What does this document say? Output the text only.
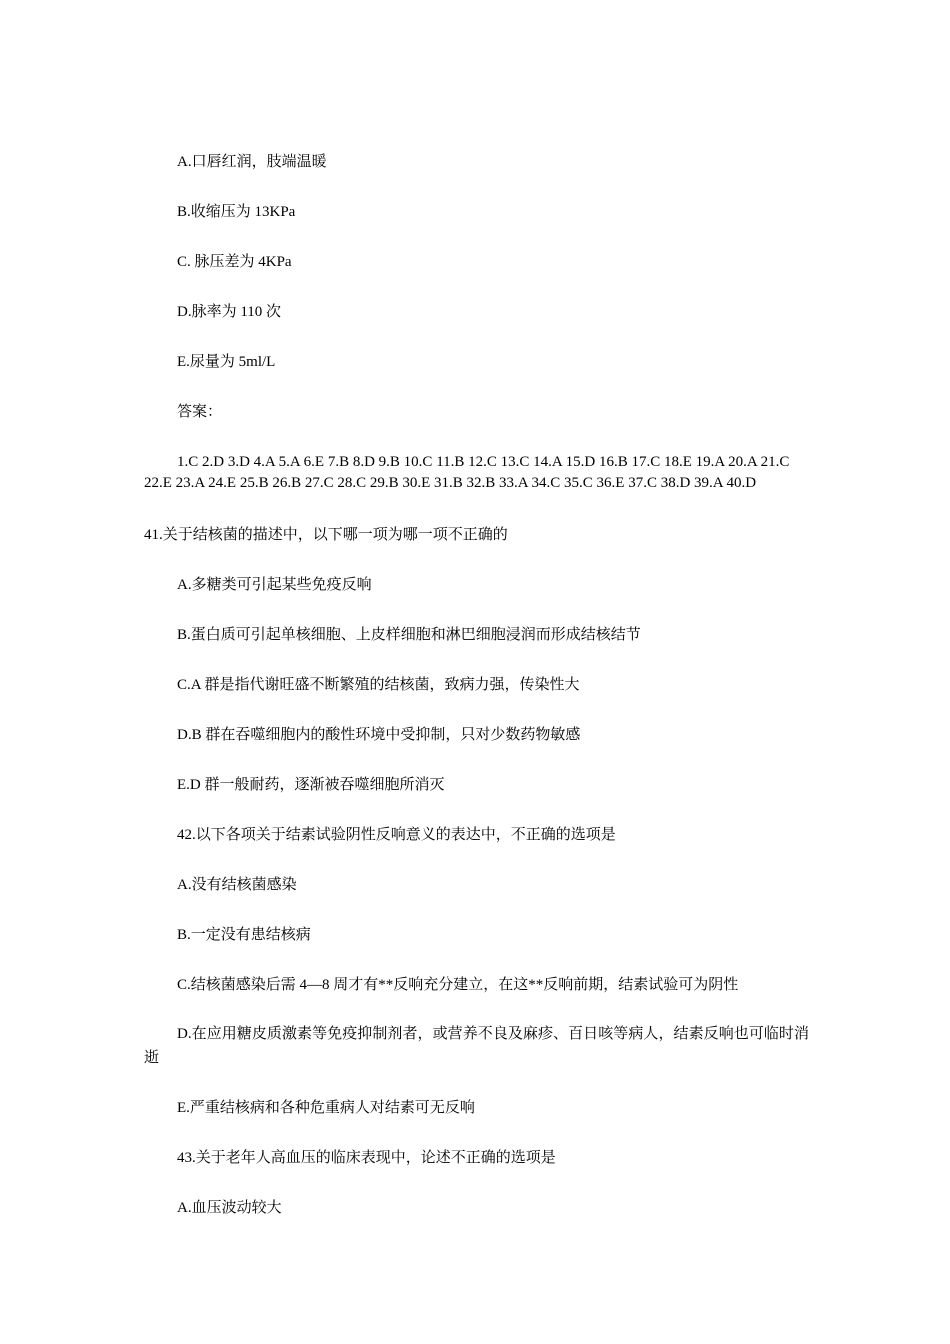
A.口唇红润，肢端温暖
B.收缩压为 13KPa
C. 脉压差为 4KPa
D.脉率为 110 次
E.尿量为 5ml/L
答案：
1.C 2.D 3.D 4.A 5.A 6.E 7.B 8.D 9.B 10.C 11.B 12.C 13.C 14.A 15.D 16.B 17.C 18.E 19.A 20.A 21.C 22.E 23.A 24.E 25.B 26.B 27.C 28.C 29.B 30.E 31.B 32.B 33.A 34.C 35.C 36.E 37.C 38.D 39.A 40.D
41.关于结核菌的描述中，以下哪一项为哪一项不正确的
A.多糖类可引起某些免疫反响
B.蛋白质可引起单核细胞、上皮样细胞和淋巴细胞浸润而形成结核结节
C.A 群是指代谢旺盛不断繁殖的结核菌，致病力强，传染性大
D.B 群在吞噬细胞内的酸性环境中受抑制，只对少数药物敏感
E.D 群一般耐药，逐渐被吞噬细胞所消灭
42.以下各项关于结素试验阴性反响意义的表达中，不正确的选项是
A.没有结核菌感染
B.一定没有患结核病
C.结核菌感染后需 4—8 周才有**反响充分建立，在这**反响前期，结素试验可为阴性
D.在应用糖皮质激素等免疫抑制剂者，或营养不良及麻疹、百日咳等病人，结素反响也可临时消逝
E.严重结核病和各种危重病人对结素可无反响
43.关于老年人高血压的临床表现中，论述不正确的选项是
A.血压波动较大
